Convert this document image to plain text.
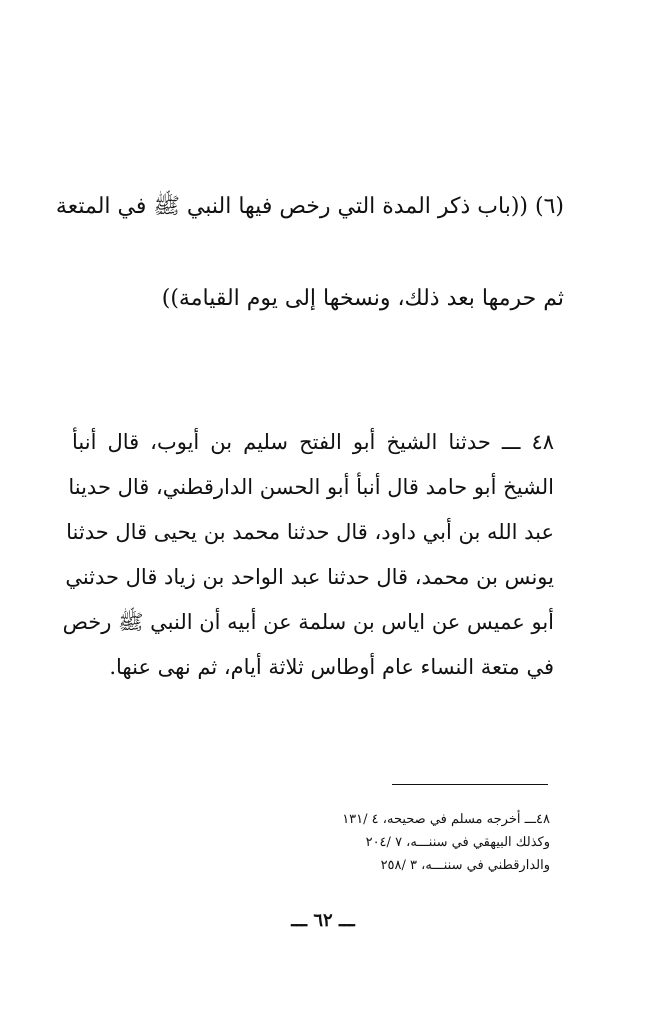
(٦) ((باب ذكر المدة التي رخص فيها النبي ﷺ في المتعة
ثم حرمها بعد ذلك، ونسخها إلى يوم القيامة))
٤٨ ـــ حدثنا الشيخ أبو الفتح سليم بن أيوب، قال أنبأ
الشيخ أبو حامد قال أنبأ أبو الحسن الدارقطني، قال حدينا
عبد الله بن أبي داود، قال حدثنا محمد بن يحيى قال حدثنا
يونس بن محمد، قال حدثنا عبد الواحد بن زياد قال حدثني
أبو عميس عن اياس بن سلمة عن أبيه أن النبي ﷺ رخص
في متعة النساء عام أوطاس ثلاثة أيام، ثم نهى عنها.
٤٨ـــ أخرجه مسلم في صحيحه، ٤ /١٣١
وكذلك البيهقي في سننـــه، ٧ /٢٠٤
والدارقطني في سننـــه، ٣ /٢٥٨
ـــ ٦٢ ـــ
